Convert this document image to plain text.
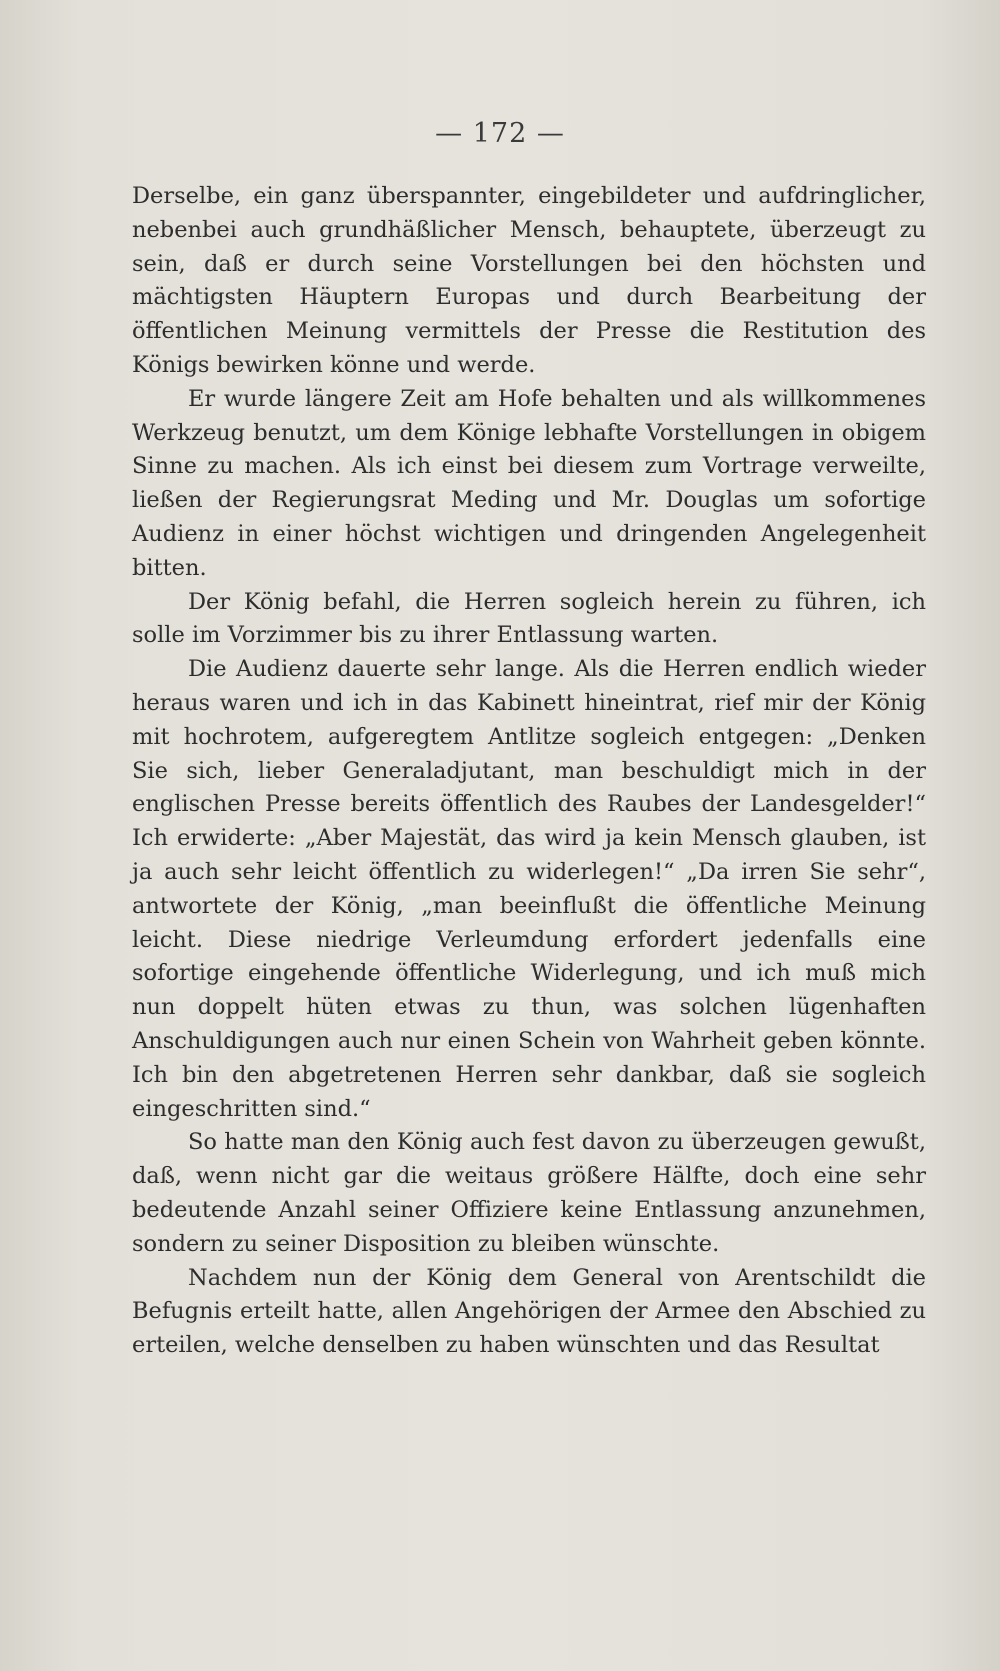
— 172 —

Derselbe, ein ganz überspannter, eingebildeter und aufdringlicher, nebenbei auch grundhäßlicher Mensch, behauptete, überzeugt zu sein, daß er durch seine Vorstellungen bei den höchsten und mächtigsten Häuptern Europas und durch Bearbeitung der öffentlichen Meinung vermittels der Presse die Restitution des Königs bewirken könne und werde.

Er wurde längere Zeit am Hofe behalten und als willkommenes Werkzeug benutzt, um dem Könige lebhafte Vorstellungen in obigem Sinne zu machen. Als ich einst bei diesem zum Vortrage verweilte, ließen der Regierungsrat Meding und Mr. Douglas um sofortige Audienz in einer höchst wichtigen und dringenden Angelegenheit bitten.

Der König befahl, die Herren sogleich herein zu führen, ich solle im Vorzimmer bis zu ihrer Entlassung warten.

Die Audienz dauerte sehr lange. Als die Herren endlich wieder heraus waren und ich in das Kabinett hineintrat, rief mir der König mit hochrotem, aufgeregtem Antlitze sogleich entgegen: „Denken Sie sich, lieber Generaladjutant, man beschuldigt mich in der englischen Presse bereits öffentlich des Raubes der Landesgelder!“ Ich erwiderte: „Aber Majestät, das wird ja kein Mensch glauben, ist ja auch sehr leicht öffentlich zu widerlegen!“ „Da irren Sie sehr“, antwortete der König, „man beeinflußt die öffentliche Meinung leicht. Diese niedrige Verleumdung erfordert jedenfalls eine sofortige eingehende öffentliche Widerlegung, und ich muß mich nun doppelt hüten etwas zu thun, was solchen lügenhaften Anschuldigungen auch nur einen Schein von Wahrheit geben könnte. Ich bin den abgetretenen Herren sehr dankbar, daß sie sogleich eingeschritten sind.“

So hatte man den König auch fest davon zu überzeugen gewußt, daß, wenn nicht gar die weitaus größere Hälfte, doch eine sehr bedeutende Anzahl seiner Offiziere keine Entlassung anzunehmen, sondern zu seiner Disposition zu bleiben wünschte.

Nachdem nun der König dem General von Arentschildt die Befugnis erteilt hatte, allen Angehörigen der Armee den Abschied zu erteilen, welche denselben zu haben wünschten und das Resultat
